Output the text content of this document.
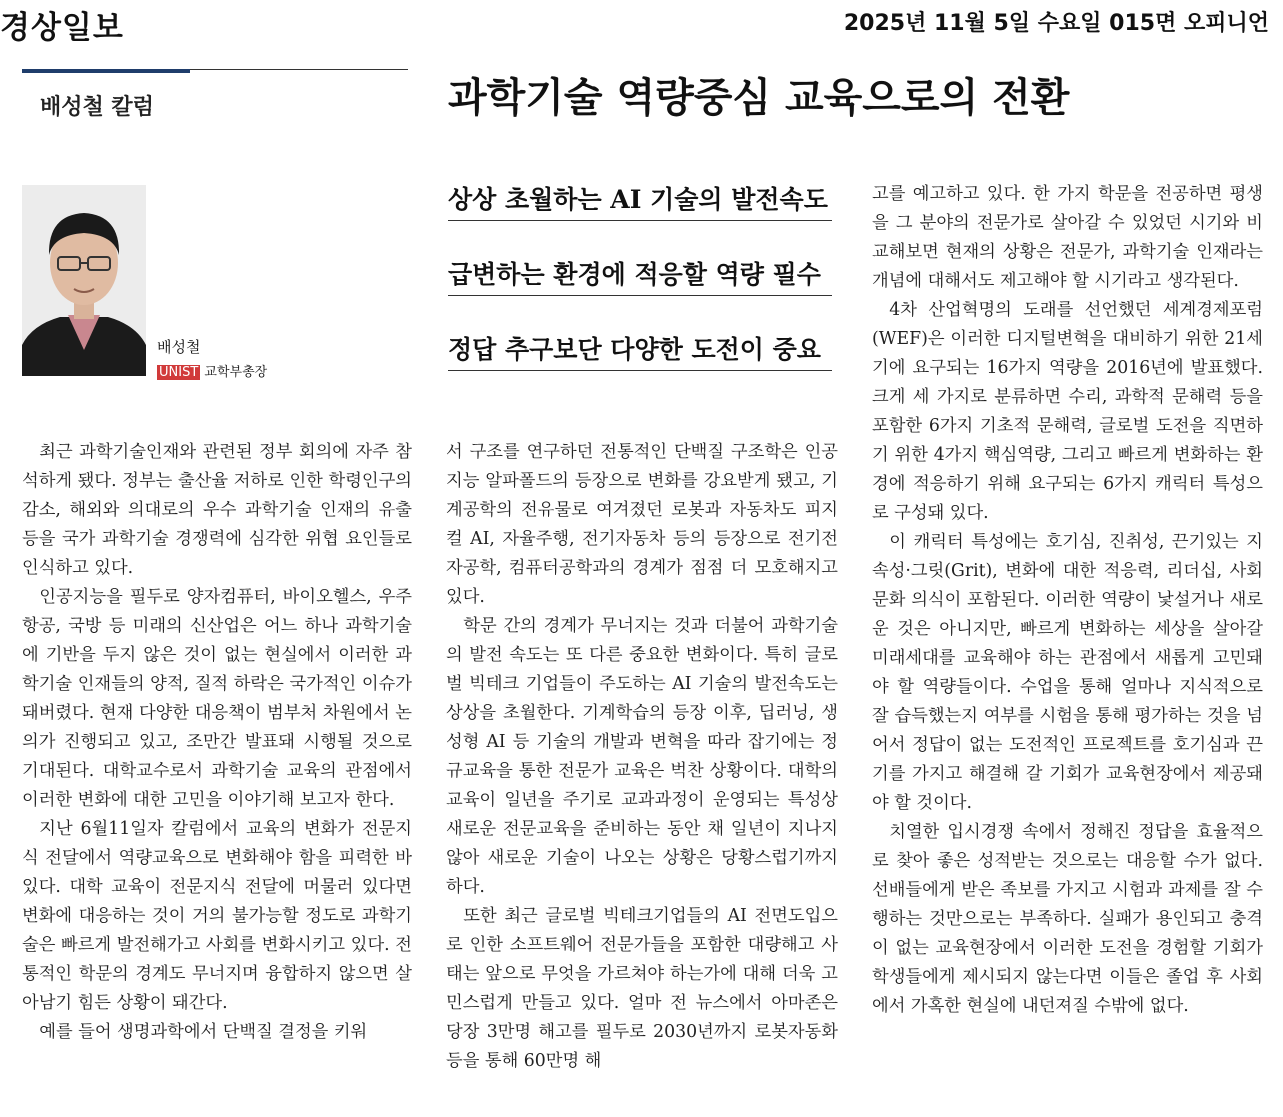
경상일보	2025년 11월 5일 수요일 015면 오피니언
배성철 칼럼	과학기술 역량중심 교육으로의 전환
배성철
UNIST 교학부총장
상상 초월하는 AI 기술의 발전속도
급변하는 환경에 적응할 역량 필수
정답 추구보단 다양한 도전이 중요

최근 과학기술인재와 관련된 정부 회의에 자주 참석하게 됐다. 정부는 출산율 저하로 인한 학령인구의 감소, 해외와 의대로의 우수 과학기술 인재의 유출 등을 국가 과학기술 경쟁력에 심각한 위협 요인들로 인식하고 있다.

인공지능을 필두로 양자컴퓨터, 바이오헬스, 우주항공, 국방 등 미래의 신산업은 어느 하나 과학기술에 기반을 두지 않은 것이 없는 현실에서 이러한 과학기술 인재들의 양적, 질적 하락은 국가적인 이슈가 돼버렸다. 현재 다양한 대응책이 범부처 차원에서 논의가 진행되고 있고, 조만간 발표돼 시행될 것으로 기대된다. 대학교수로서 과학기술 교육의 관점에서 이러한 변화에 대한 고민을 이야기해 보고자 한다.

지난 6월11일자 칼럼에서 교육의 변화가 전문지식 전달에서 역량교육으로 변화해야 함을 피력한 바 있다. 대학 교육이 전문지식 전달에 머물러 있다면 변화에 대응하는 것이 거의 불가능할 정도로 과학기술은 빠르게 발전해가고 사회를 변화시키고 있다. 전통적인 학문의 경계도 무너지며 융합하지 않으면 살아남기 힘든 상황이 돼간다.

예를 들어 생명과학에서 단백질 결정을 키워

서 구조를 연구하던 전통적인 단백질 구조학은 인공지능 알파폴드의 등장으로 변화를 강요받게 됐고, 기계공학의 전유물로 여겨졌던 로봇과 자동차도 피지컬 AI, 자율주행, 전기자동차 등의 등장으로 전기전자공학, 컴퓨터공학과의 경계가 점점 더 모호해지고 있다.

학문 간의 경계가 무너지는 것과 더불어 과학기술의 발전 속도는 또 다른 중요한 변화이다. 특히 글로벌 빅테크 기업들이 주도하는 AI 기술의 발전속도는 상상을 초월한다. 기계학습의 등장 이후, 딥러닝, 생성형 AI 등 기술의 개발과 변혁을 따라 잡기에는 정규교육을 통한 전문가 교육은 벅찬 상황이다. 대학의 교육이 일년을 주기로 교과과정이 운영되는 특성상 새로운 전문교육을 준비하는 동안 채 일년이 지나지 않아 새로운 기술이 나오는 상황은 당황스럽기까지 하다.

또한 최근 글로벌 빅테크기업들의 AI 전면도입으로 인한 소프트웨어 전문가들을 포함한 대량해고 사태는 앞으로 무엇을 가르쳐야 하는가에 대해 더욱 고민스럽게 만들고 있다. 얼마 전 뉴스에서 아마존은 당장 3만명 해고를 필두로 2030년까지 로봇자동화 등을 통해 60만명 해

고를 예고하고 있다. 한 가지 학문을 전공하면 평생을 그 분야의 전문가로 살아갈 수 있었던 시기와 비교해보면 현재의 상황은 전문가, 과학기술 인재라는 개념에 대해서도 제고해야 할 시기라고 생각된다.

4차 산업혁명의 도래를 선언했던 세계경제포럼(WEF)은 이러한 디지털변혁을 대비하기 위한 21세기에 요구되는 16가지 역량을 2016년에 발표했다. 크게 세 가지로 분류하면 수리, 과학적 문해력 등을 포함한 6가지 기초적 문해력, 글로벌 도전을 직면하기 위한 4가지 핵심역량, 그리고 빠르게 변화하는 환경에 적응하기 위해 요구되는 6가지 캐릭터 특성으로 구성돼 있다.

이 캐릭터 특성에는 호기심, 진취성, 끈기있는 지속성·그릿(Grit), 변화에 대한 적응력, 리더십, 사회 문화 의식이 포함된다. 이러한 역량이 낯설거나 새로운 것은 아니지만, 빠르게 변화하는 세상을 살아갈 미래세대를 교육해야 하는 관점에서 새롭게 고민돼야 할 역량들이다. 수업을 통해 얼마나 지식적으로 잘 습득했는지 여부를 시험을 통해 평가하는 것을 넘어서 정답이 없는 도전적인 프로젝트를 호기심과 끈기를 가지고 해결해 갈 기회가 교육현장에서 제공돼야 할 것이다.

치열한 입시경쟁 속에서 정해진 정답을 효율적으로 찾아 좋은 성적받는 것으로는 대응할 수가 없다. 선배들에게 받은 족보를 가지고 시험과 과제를 잘 수행하는 것만으로는 부족하다. 실패가 용인되고 충격이 없는 교육현장에서 이러한 도전을 경험할 기회가 학생들에게 제시되지 않는다면 이들은 졸업 후 사회에서 가혹한 현실에 내던져질 수밖에 없다.
